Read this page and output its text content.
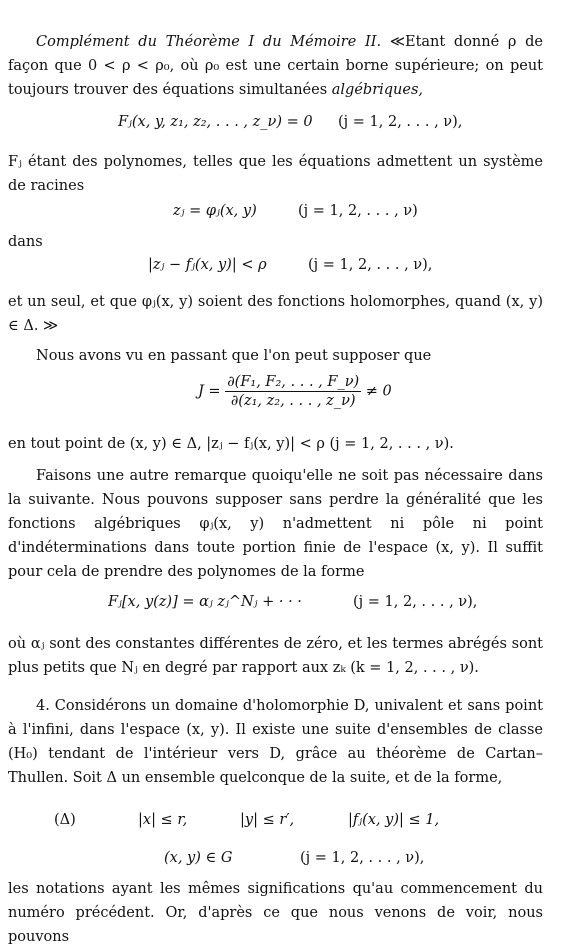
Complément du Théorème I du Mémoire II. ≪Etant donné ρ de façon que 0 < ρ < ρ₀, où ρ₀ est une certain borne supérieure; on peut toujours trouver des équations simultanées algébriques,

Fⱼ(x, y, z₁, z₂, . . . , z_ν) = 0 (j = 1, 2, . . . , ν),

Fⱼ étant des polynomes, telles que les équations admettent un système de racines

zⱼ = φⱼ(x, y)	(j = 1, 2, . . . , ν)

dans

|zⱼ − fⱼ(x, y)| < ρ	(j = 1, 2, . . . , ν),

et un seul, et que φⱼ(x, y) soient des fonctions holomorphes, quand (x, y) ∈ Δ. ≫

Nous avons vu en passant que l'on peut supposer que

$J = \frac{\text{∂(F₁, F₂, . . . , F\_ν)}}{\text{∂(z₁, z₂, . . . , z\_ν)}} \ne 0$

en tout point de (x, y) ∈ Δ, |zⱼ − fⱼ(x, y)| < ρ (j = 1, 2, . . . , ν).

Faisons une autre remarque quoiqu'elle ne soit pas nécessaire dans la suivante. Nous pouvons supposer sans perdre la généralité que les fonctions algébriques φⱼ(x, y) n'admettent ni pôle ni point d'indéterminations dans toute portion finie de l'espace (x, y). Il suffit pour cela de prendre des polynomes de la forme

Fⱼ[x, y(z)] = αⱼ zⱼ^Nⱼ + · · ·	(j = 1, 2, . . . , ν),

où αⱼ sont des constantes différentes de zéro, et les termes abrégés sont plus petits que Nⱼ en degré par rapport aux zₖ (k = 1, 2, . . . , ν).

4. Considérons un domaine d'holomorphie D, univalent et sans point à l'infini, dans l'espace (x, y). Il existe une suite d'ensembles de classe (H₀) tendant de l'intérieur vers D, grâce au théorème de Cartan–Thullen. Soit Δ un ensemble quelconque de la suite, et de la forme,

(Δ)	|x| ≤ r,	|y| ≤ r′,	|fⱼ(x, y)| ≤ 1,
(x, y) ∈ G	(j = 1, 2, . . . , ν),

les notations ayant les mêmes significations qu'au commencement du numéro précédent. Or, d'après ce que nous venons de voir, nous pouvons
